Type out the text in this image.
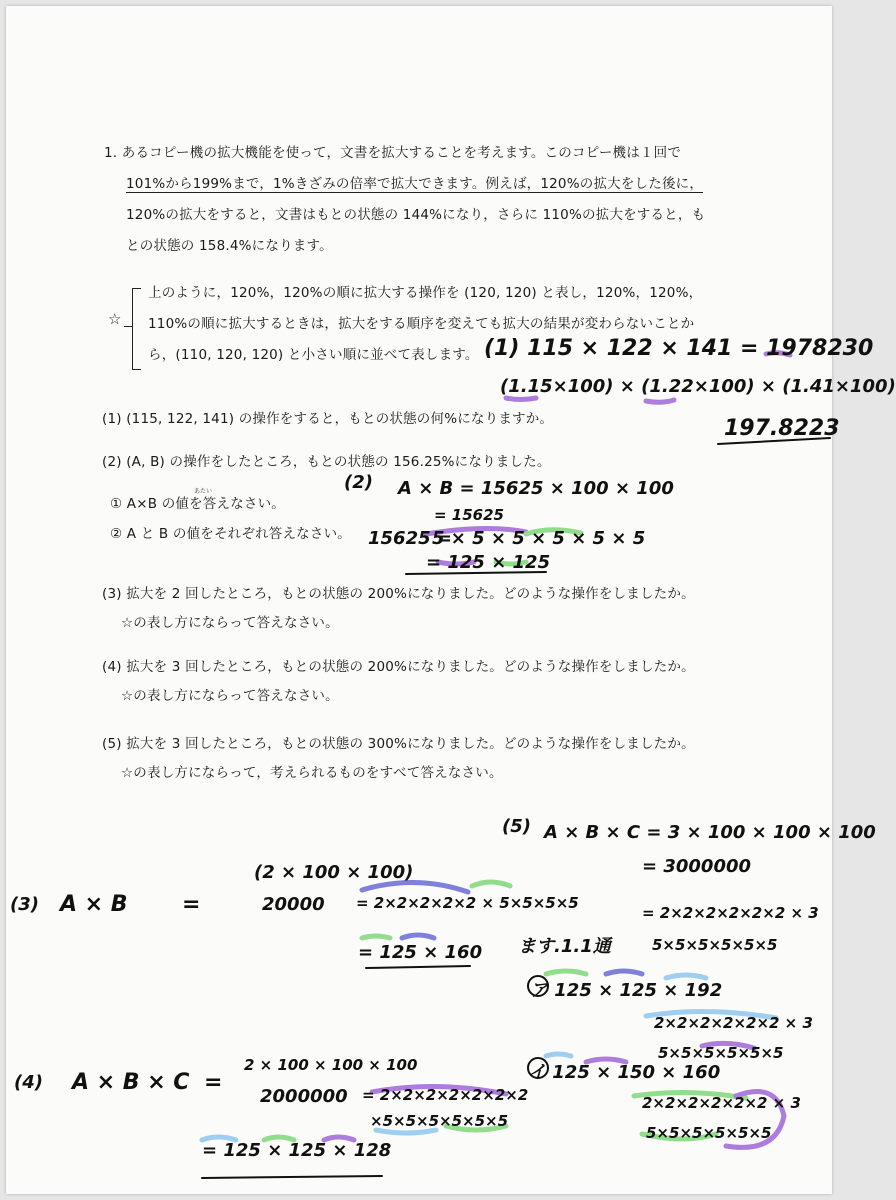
1. あるコピー機の拡大機能を使って，文書を拡大することを考えます。このコピー機は１回で
101%から199%まで，1%きざみの倍率で拡大できます。例えば，120%の拡大をした後に，
120%の拡大をすると，文書はもとの状態の 144%になり，さらに 110%の拡大をすると，も
との状態の 158.4%になります。
☆
上のように，120%，120%の順に拡大する操作を (120, 120) と表し，120%，120%，
110%の順に拡大するときは，拡大をする順序を変えても拡大の結果が変わらないことか
ら，(110, 120, 120) と小さい順に並べて表します。
(1) (115, 122, 141) の操作をすると，もとの状態の何%になりますか。
(2) (A, B) の操作をしたところ，もとの状態の 156.25%になりました。
あたい
① A×B の値を答えなさい。
② A と B の値をそれぞれ答えなさい。
(3) 拡大を 2 回したところ，もとの状態の 200%になりました。どのような操作をしましたか。
☆の表し方にならって答えなさい。
(4) 拡大を 3 回したところ，もとの状態の 200%になりました。どのような操作をしましたか。
☆の表し方にならって答えなさい。
(5) 拡大を 3 回したところ，もとの状態の 300%になりました。どのような操作をしましたか。
☆の表し方にならって，考えられるものをすべて答えなさい。
(1) 115 × 122 × 141 = 1978230
(1.15×100) × (1.22×100) × (1.41×100)
197.8223
(2) A × B = 15625 × 100 × 100
= 15625
15625 =
5 × 5 × 5 × 5 × 5 × 5
= 125 × 125
(5) A × B × C = 3 × 100 × 100 × 100
= 3000000
= 2×2×2×2×2×2 × 3
5×5×5×5×5×5
ます.1.1通
ア 125 × 125 × 192
2×2×2×2×2×2 × 3
5×5×5×5×5×5
イ 125 × 150 × 160
2×2×2×2×2×2 × 3
5×5×5×5×5×5
(2 × 100 × 100)
(3) A × B =	20000 = 2×2×2×2×2 × 5×5×5×5
= 125 × 160
(4) A × B × C =
2 × 100 × 100 × 100
2000000 = 2×2×2×2×2×2×2
×5×5×5×5×5×5
= 125 × 125 × 128
